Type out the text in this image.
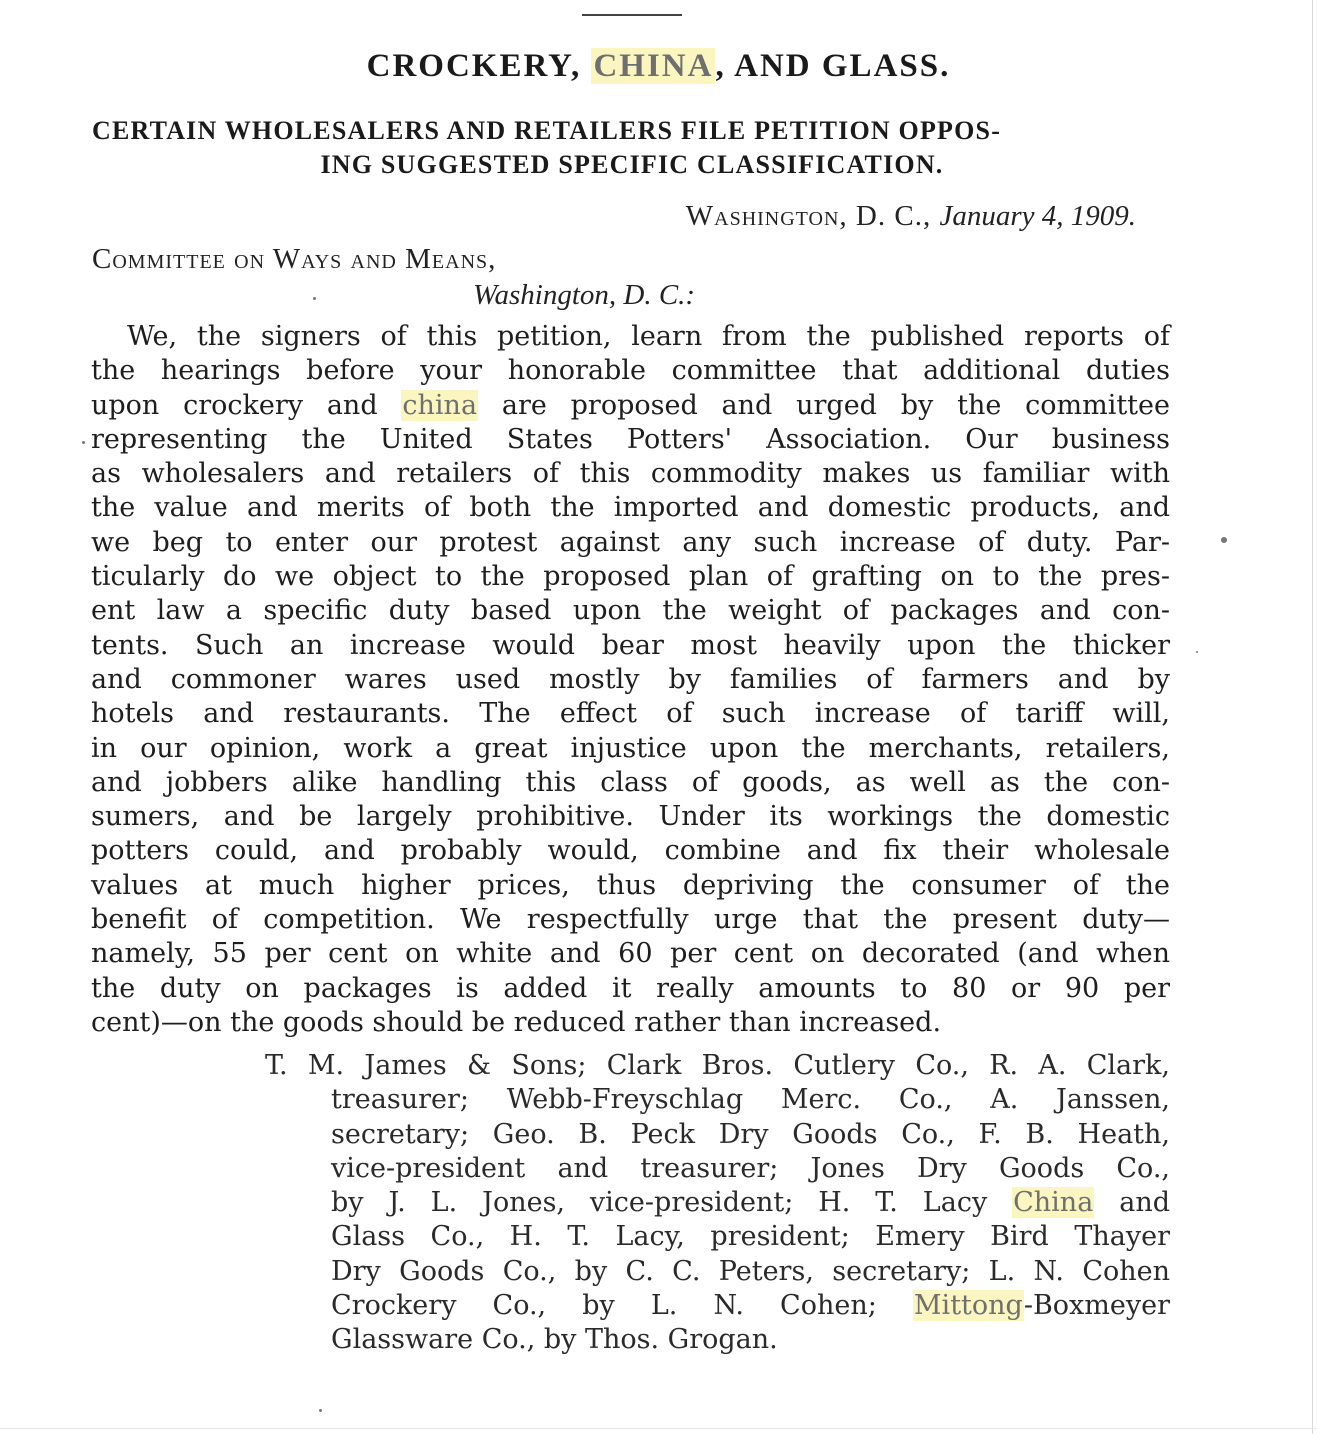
CROCKERY, CHINA, AND GLASS.
CERTAIN WHOLESALERS AND RETAILERS FILE PETITION OPPOS-
ING SUGGESTED SPECIFIC CLASSIFICATION.

Washington, D. C., January 4, 1909.

Committee on Ways and Means,

Washington, D. C.:

We, the signers of this petition, learn from the published reports of
the hearings before your honorable committee that additional duties
upon crockery and china are proposed and urged by the committee
representing the United States Potters' Association. Our business
as wholesalers and retailers of this commodity makes us familiar with
the value and merits of both the imported and domestic products, and
we beg to enter our protest against any such increase of duty. Par-
ticularly do we object to the proposed plan of grafting on to the pres-
ent law a specific duty based upon the weight of packages and con-
tents. Such an increase would bear most heavily upon the thicker
and commoner wares used mostly by families of farmers and by
hotels and restaurants. The effect of such increase of tariff will,
in our opinion, work a great injustice upon the merchants, retailers,
and jobbers alike handling this class of goods, as well as the con-
sumers, and be largely prohibitive. Under its workings the domestic
potters could, and probably would, combine and fix their wholesale
values at much higher prices, thus depriving the consumer of the
benefit of competition. We respectfully urge that the present duty—
namely, 55 per cent on white and 60 per cent on decorated (and when
the duty on packages is added it really amounts to 80 or 90 per
cent)—on the goods should be reduced rather than increased.
T. M. James & Sons; Clark Bros. Cutlery Co., R. A. Clark,
treasurer; Webb-Freyschlag Merc. Co., A. Janssen,
secretary; Geo. B. Peck Dry Goods Co., F. B. Heath,
vice-president and treasurer; Jones Dry Goods Co.,
by J. L. Jones, vice-president; H. T. Lacy China and
Glass Co., H. T. Lacy, president; Emery Bird Thayer
Dry Goods Co., by C. C. Peters, secretary; L. N. Cohen
Crockery Co., by L. N. Cohen; Mittong-Boxmeyer
Glassware Co., by Thos. Grogan.
